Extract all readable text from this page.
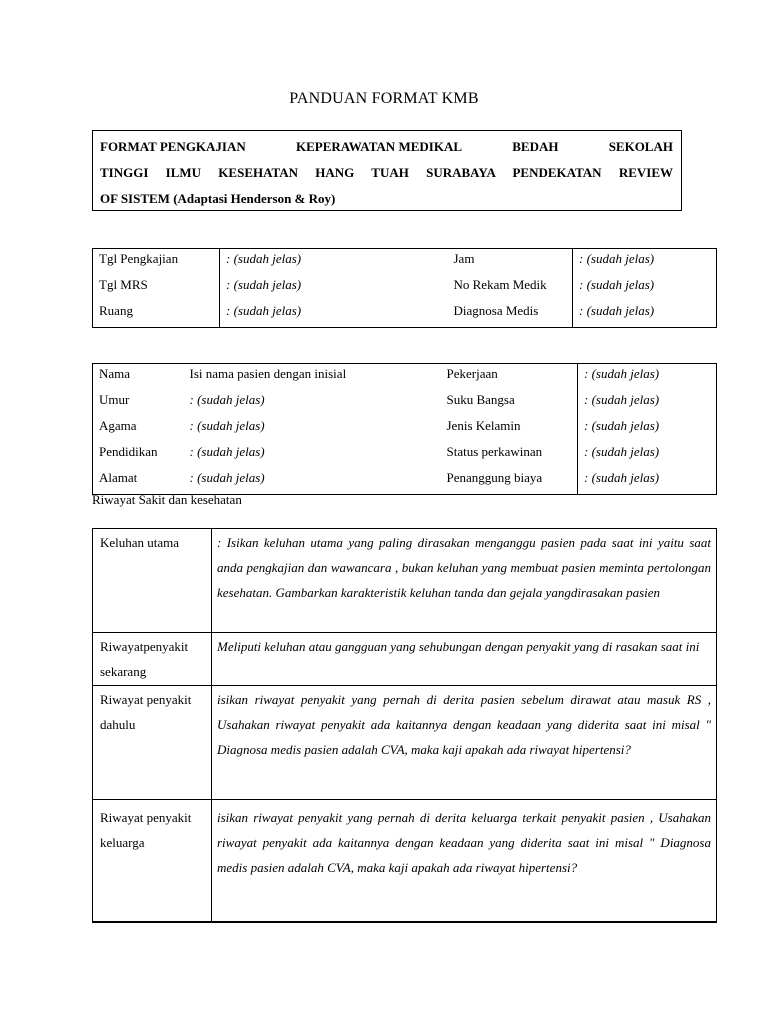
PANDUAN FORMAT KMB
FORMAT PENGKAJIAN	KEPERAWATAN MEDIKAL	BEDAH	SEKOLAH
TINGGI ILMU KESEHATAN HANG TUAH SURABAYA PENDEKATAN REVIEW
OF SISTEM (Adaptasi Henderson & Roy)
Tgl Pengkajian	: (sudah jelas)	Jam	: (sudah jelas)
Tgl MRS	: (sudah jelas)	No Rekam Medik	: (sudah jelas)
Ruang	: (sudah jelas)	Diagnosa Medis	: (sudah jelas)
Nama	Isi nama pasien dengan inisial	Pekerjaan	: (sudah jelas)
Umur	: (sudah jelas)	Suku Bangsa	: (sudah jelas)
Agama	: (sudah jelas)	Jenis Kelamin	: (sudah jelas)
Pendidikan	: (sudah jelas)	Status perkawinan	: (sudah jelas)
Alamat	: (sudah jelas)	Penanggung biaya	: (sudah jelas)
Riwayat Sakit dan kesehatan
Keluhan utama	: Isikan keluhan utama yang paling dirasakan menganggu pasien pada saat ini yaitu saat anda pengkajian dan wawancara , bukan keluhan yang membuat pasien meminta pertolongan kesehatan. Gambarkan karakteristik keluhan tanda dan gejala yangdirasakan pasien
Riwayatpenyakit sekarang	Meliputi keluhan atau gangguan yang sehubungan dengan penyakit yang di rasakan saat ini
Riwayat penyakit dahulu	isikan riwayat penyakit yang pernah di derita pasien sebelum dirawat atau masuk RS , Usahakan riwayat penyakit ada kaitannya dengan keadaan yang diderita saat ini misal " Diagnosa medis pasien adalah CVA, maka kaji apakah ada riwayat hipertensi?
Riwayat penyakit keluarga	isikan riwayat penyakit yang pernah di derita keluarga terkait penyakit pasien , Usahakan riwayat penyakit ada kaitannya dengan keadaan yang diderita saat ini misal " Diagnosa medis pasien adalah CVA, maka kaji apakah ada riwayat hipertensi?
